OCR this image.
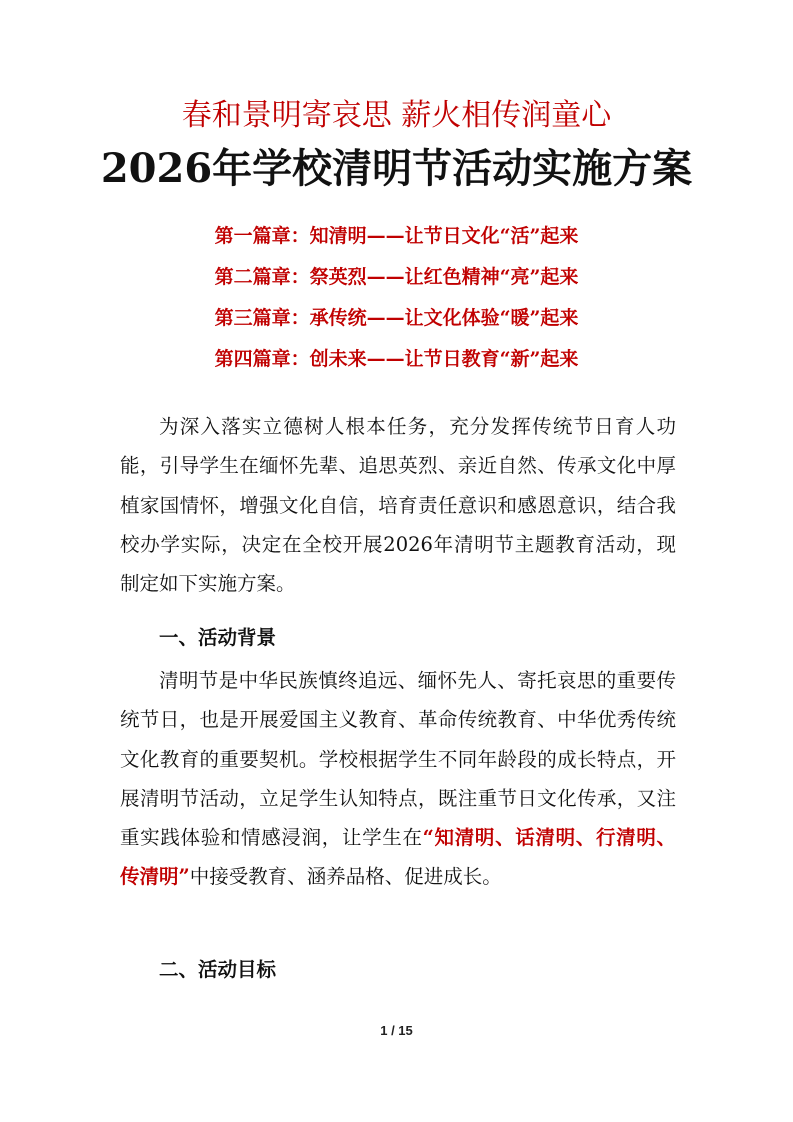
春和景明寄哀思 薪火相传润童心
2026年学校清明节活动实施方案
第一篇章：知清明——让节日文化“活”起来
第二篇章：祭英烈——让红色精神“亮”起来
第三篇章：承传统——让文化体验“暖”起来
第四篇章：创未来——让节日教育“新”起来

为深入落实立德树人根本任务，充分发挥传统节日育人功能，引导学生在缅怀先辈、追思英烈、亲近自然、传承文化中厚植家国情怀，增强文化自信，培育责任意识和感恩意识，结合我校办学实际，决定在全校开展2026年清明节主题教育活动，现制定如下实施方案。

一、活动背景

清明节是中华民族慎终追远、缅怀先人、寄托哀思的重要传统节日，也是开展爱国主义教育、革命传统教育、中华优秀传统文化教育的重要契机。学校根据学生不同年龄段的成长特点，开展清明节活动，立足学生认知特点，既注重节日文化传承，又注重实践体验和情感浸润，让学生在“知清明、话清明、行清明、传清明”中接受教育、涵养品格、促进成长。

二、活动目标
1 / 15
